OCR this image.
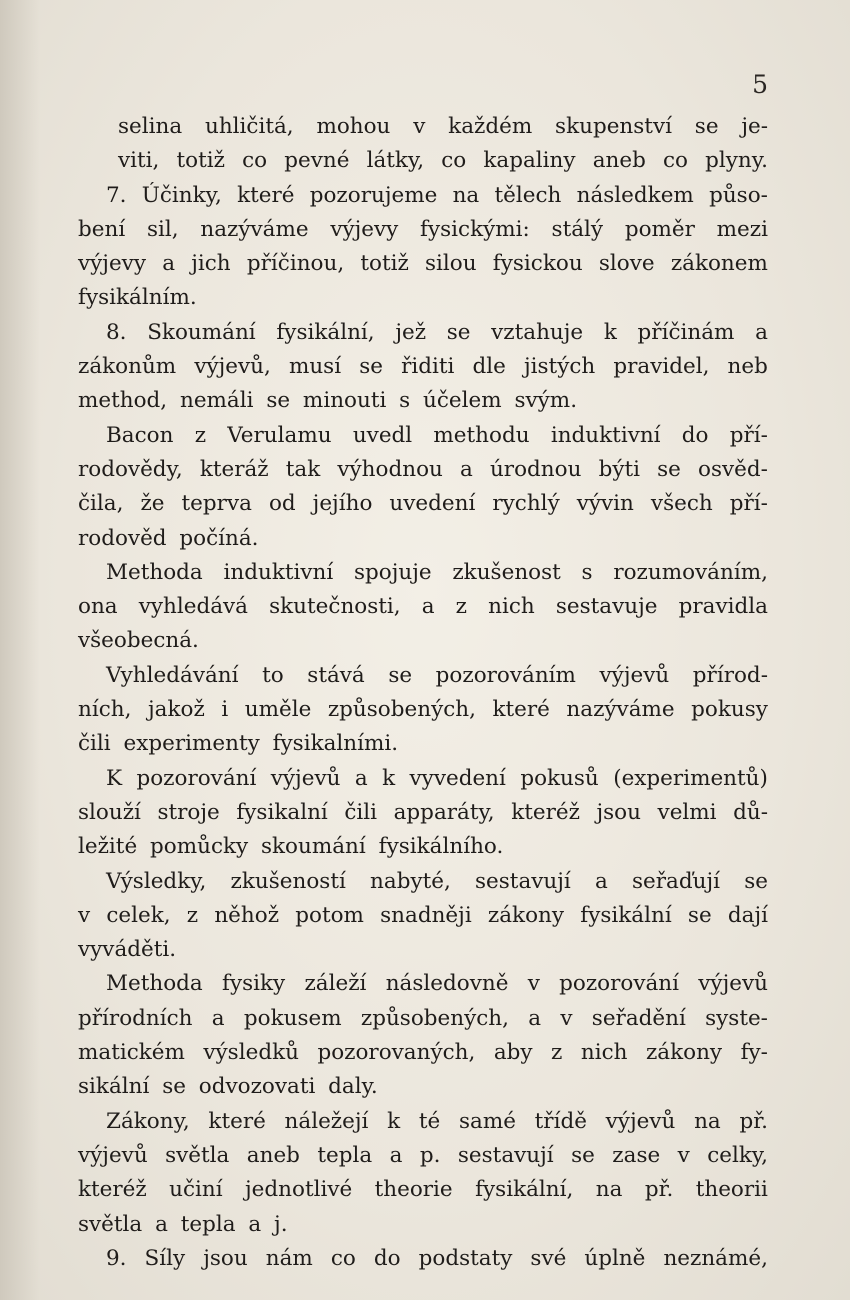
5
selina uhličitá, mohou v každém skupenství se je-
viti, totiž co pevné látky, co kapaliny aneb co plyny.
7. Účinky, které pozorujeme na tělech následkem půso-
bení sil, nazýváme výjevy fysickými: stálý poměr mezi
výjevy a jich příčinou, totiž silou fysickou slove zákonem
fysikálním.
8. Skoumání fysikální, jež se vztahuje k příčinám a
zákonům výjevů, musí se řiditi dle jistých pravidel, neb
method, nemáli se minouti s účelem svým.
Bacon z Verulamu uvedl methodu induktivní do pří-
rodovědy, kteráž tak výhodnou a úrodnou býti se osvěd-
čila, že teprva od jejího uvedení rychlý vývin všech pří-
rodověd počíná.
Methoda induktivní spojuje zkušenost s rozumováním,
ona vyhledává skutečnosti, a z nich sestavuje pravidla
všeobecná.
Vyhledávání to stává se pozorováním výjevů přírod-
ních, jakož i uměle způsobených, které nazýváme pokusy
čili experimenty fysikalními.
K pozorování výjevů a k vyvedení pokusů (experimentů)
slouží stroje fysikalní čili apparáty, kteréž jsou velmi dů-
ležité pomůcky skoumání fysikálního.
Výsledky, zkušeností nabyté, sestavují a seřaďují se
v celek, z něhož potom snadněji zákony fysikální se dají
vyváděti.
Methoda fysiky záleží následovně v pozorování výjevů
přírodních a pokusem způsobených, a v seřadění syste-
matickém výsledků pozorovaných, aby z nich zákony fy-
sikální se odvozovati daly.
Zákony, které náležejí k té samé třídě výjevů na př.
výjevů světla aneb tepla a p. sestavují se zase v celky,
kteréž učiní jednotlivé theorie fysikální, na př. theorii
světla a tepla a j.
9. Síly jsou nám co do podstaty své úplně neznámé,
